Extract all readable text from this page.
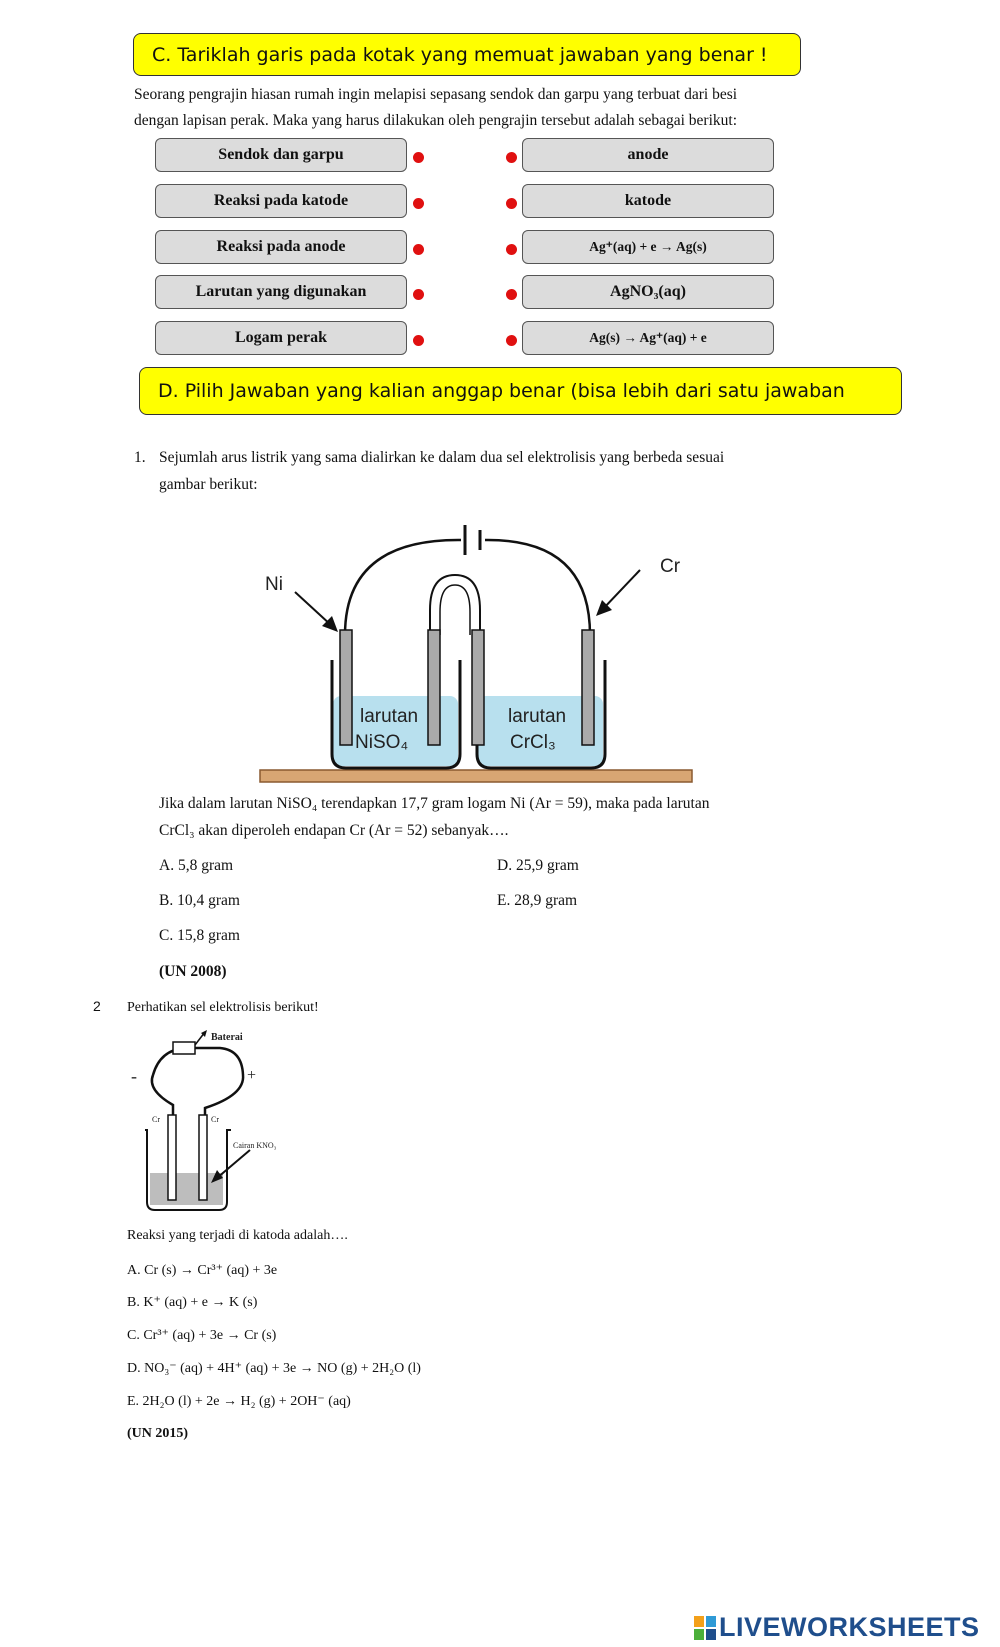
C. Tariklah garis pada kotak yang memuat jawaban yang benar !
Seorang pengrajin hiasan rumah ingin melapisi sepasang sendok dan garpu yang terbuat dari besi
dengan lapisan perak. Maka yang harus dilakukan oleh pengrajin tersebut adalah sebagai berikut:
Sendok dan garpu
Reaksi pada katode
Reaksi pada anode
Larutan yang digunakan
Logam perak
anode
katode
Ag⁺(aq) + e → Ag(s)
AgNO₃(aq)
Ag(s) → Ag⁺(aq) + e
D. Pilih Jawaban yang kalian anggap benar (bisa lebih dari satu jawaban
1. Sejumlah arus listrik yang sama dialirkan ke dalam dua sel elektrolisis yang berbeda sesuai
gambar berikut:
Ni
Cr
larutan
NiSO₄
larutan
CrCl₃
Jika dalam larutan NiSO₄ terendapkan 17,7 gram logam Ni (Ar = 59), maka pada larutan
CrCl₃ akan diperoleh endapan Cr (Ar = 52) sebanyak….
A. 5,8 gram
B. 10,4 gram
C. 15,8 gram
D. 25,9 gram
E. 28,9 gram
(UN 2008)
2 Perhatikan sel elektrolisis berikut!
Baterai
-	+
Cr	Cr
Cairan KNO₃
Reaksi yang terjadi di katoda adalah….
A. Cr (s) → Cr³⁺ (aq) + 3e
B. K⁺ (aq) + e → K (s)
C. Cr³⁺ (aq) + 3e → Cr (s)
D. NO₃⁻ (aq) + 4H⁺ (aq) + 3e → NO (g) + 2H₂O (l)
E. 2H₂O (l) + 2e → H₂ (g) + 2OH⁻ (aq)
(UN 2015)
LIVEWORKSHEETS
